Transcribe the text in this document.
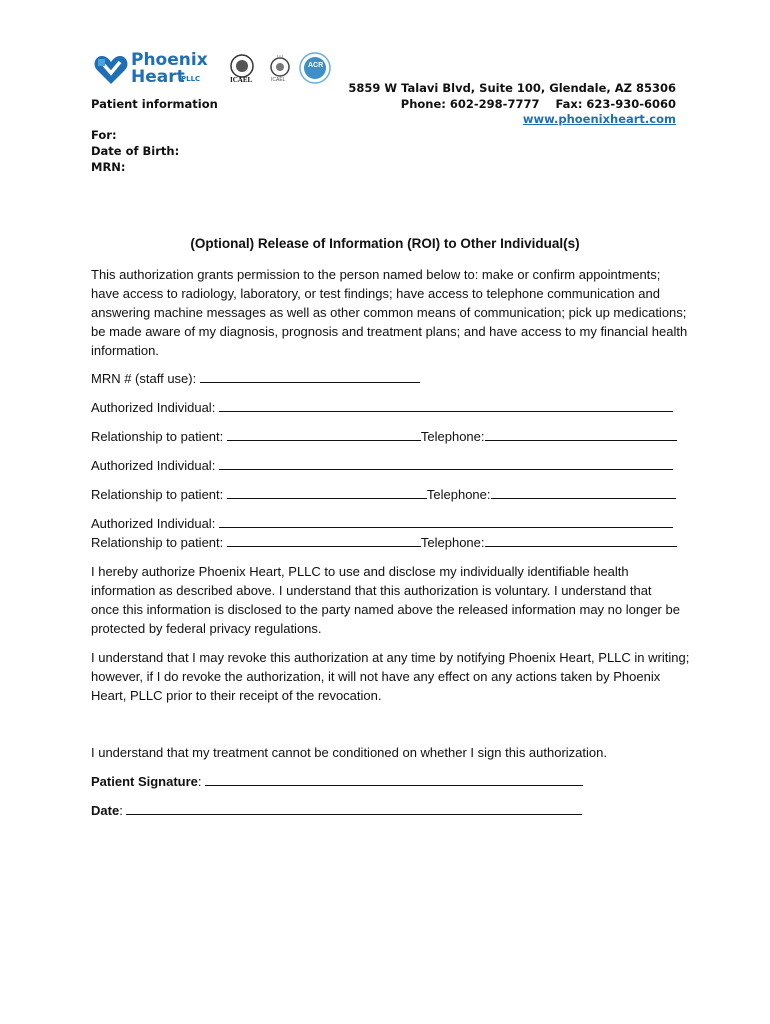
Phoenix
Heart
PLLC	ICAEL
• • •
ICAEL
ACR
5859 W Talavi Blvd, Suite 100, Glendale, AZ 85306
Phone: 602-298-7777    Fax: 623-930-6060
www.phoenixheart.com
Patient information
For:
Date of Birth:
MRN:
(Optional) Release of Information (ROI) to Other Individual(s)
This authorization grants permission to the person named below to: make or confirm appointments;
have access to radiology, laboratory, or test findings; have access to telephone communication and
answering machine messages as well as other common means of communication; pick up medications;
be made aware of my diagnosis, prognosis and treatment plans; and have access to my financial health
information.
MRN # (staff use):
Authorized Individual:
Relationship to patient:	Telephone:
Authorized Individual:
Relationship to patient:	Telephone:
Authorized Individual:
Relationship to patient:	Telephone:
I hereby authorize Phoenix Heart, PLLC to use and disclose my individually identifiable health
information as described above. I understand that this authorization is voluntary. I understand that
once this information is disclosed to the party named above the released information may no longer be
protected by federal privacy regulations.
I understand that I may revoke this authorization at any time by notifying Phoenix Heart, PLLC in writing;
however, if I do revoke the authorization, it will not have any effect on any actions taken by Phoenix
Heart, PLLC prior to their receipt of the revocation.
I understand that my treatment cannot be conditioned on whether I sign this authorization.
Patient Signature:
Date:
